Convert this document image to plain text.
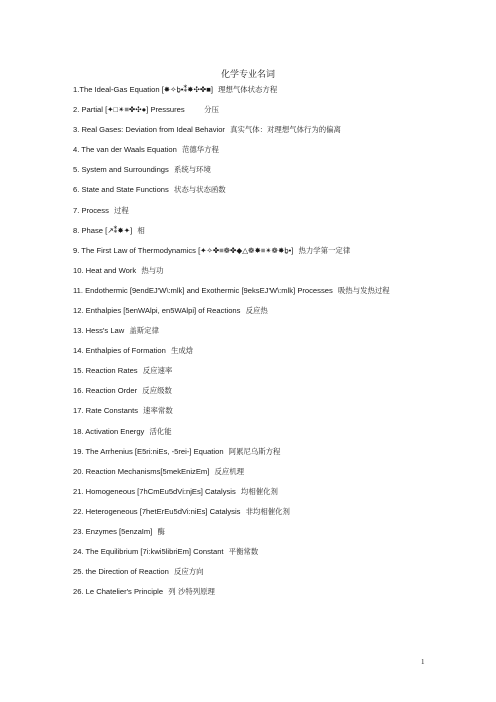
化学专业名词
1.The Ideal-Gas Equation [✸✧ḇ•⁑✸✣✤■] 理想气体状态方程
2. Partial [✦□✴≡✤✣●] Pressures       分压
3. Real Gases: Deviation from Ideal Behavior 真实气体：对理想气体行为的偏离
4. The van der Waals Equation 范德华方程
5. System and Surroundings 系统与环境
6. State and State Functions 状态与状态函数
7. Process 过程
8. Phase [↗⁑✸✦] 相
9. The First Law of Thermodynamics [✦✧✤≡❁✤◆△❁✸≡✴❁✸ḇ•] 热力学第一定律
10. Heat and Work 热与功
11. Endothermic [9endEJ'W\:mlk] and Exothermic [9eksEJ'W\:mlk] Processes 吸热与发热过程
12. Enthalpies [5enWAlpi, en5WAlpi] of Reactions 反应热
13. Hess's Law 盖斯定律
14. Enthalpies of Formation 生成焓
15. Reaction Rates 反应速率
16. Reaction Order 反应级数
17. Rate Constants 速率常数
18. Activation Energy 活化能
19. The Arrhenius [E5ri:niEs, -5rei-] Equation 阿累尼乌斯方程
20. Reaction Mechanisms[5mekEnizEm] 反应机理
21. Homogeneous [7hCmEu5dVi:njEs] Catalysis 均相催化剂
22. Heterogeneous [7hetErEu5dVi:niEs] Catalysis 非均相催化剂
23. Enzymes [5enzaIm] 酶
24. The Equilibrium [7i:kwi5libriEm] Constant 平衡常数
25. the Direction of Reaction 反应方向
26. Le Chatelier's Principle 列 沙特列原理
1
